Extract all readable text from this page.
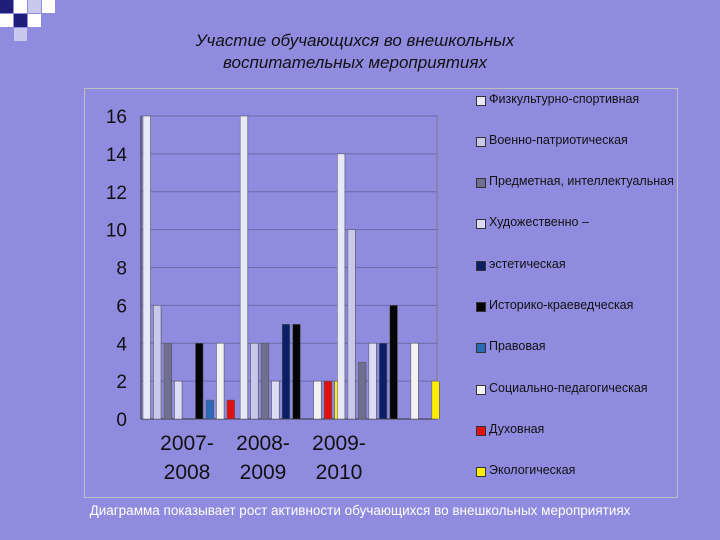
Участие обучающихся во внешкольных
воспитательных мероприятиях
0
2
4
6
8
10
12
14
16
2007-
2008
2008-
2009
2009-
2010
Физкультурно-спортивная
Военно-патриотическая
Предметная, интеллектуальная
Художественно –
эстетическая
Историко-краеведческая
Правовая
Социально-педагогическая
Духовная
Экологическая
Диаграмма показывает рост активности обучающихся во внешкольных мероприятиях
